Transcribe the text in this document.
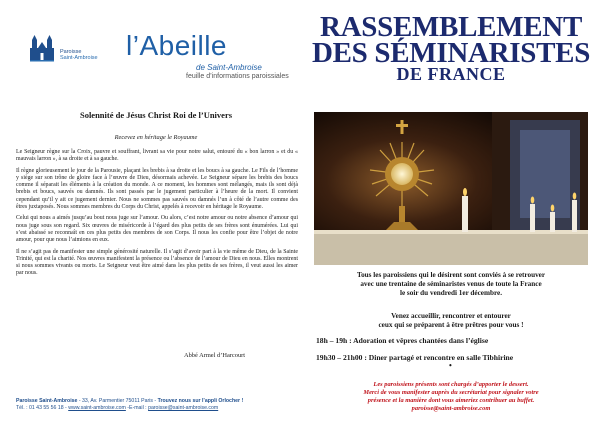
Paroisse
Saint-Ambroise l’Abeille
de Saint-Ambroise
feuille d’informations paroissiales
Solennité de Jésus Christ Roi de l’Univers
Recevez en héritage le Royaume

Le Seigneur règne sur la Croix, pauvre et souffrant, livrant sa vie pour notre salut, entouré du « bon larron » et du « mauvais larron », à sa droite et à sa gauche.

Il règne glorieusement le jour de la Parousie, plaçant les brebis à sa droite et les boucs à sa gauche. Le Fils de l’homme y siège sur son trône de gloire face à l’œuvre de Dieu, désormais achevée. Le Seigneur sépare les brebis des boucs comme il séparait les éléments à la création du monde. A ce moment, les hommes sont mélangés, mais ils sont déjà brebis et boucs, sauvés ou damnés. Ils sont passés par le jugement particulier à l’heure de la mort. Il convient cependant qu’il y ait ce jugement dernier. Nous ne sommes pas sauvés ou damnés l’un à côté de l’autre comme des êtres juxtaposés. Nous sommes membres du Corps du Christ, appelés à recevoir en héritage le Royaume.

Celui qui nous a aimés jusqu’au bout nous juge sur l’amour. Ou alors, c’est notre amour ou notre absence d’amour qui nous juge sous son regard. Six œuvres de miséricorde à l’égard des plus petits de ses frères sont énumérées. Lui qui s’est abaissé se reconnaît en ces plus petits des membres de son Corps. Il nous les confie pour être l’objet de notre amour, pour que nous l’aimions en eux.

Il ne s’agit pas de manifester une simple générosité naturelle. Il s’agit d’avoir part à la vie même de Dieu, de la Sainte Trinité, qui est la charité. Nos œuvres manifestent la présence ou l’absence de l’amour de Dieu en nous. Elles montrent si nous sommes vivants ou morts. Le Seigneur veut être aimé dans les plus petits de ses frères, il veut aussi les aimer par nous.

Abbé Armel d’Harcourt
Paroisse Saint-Ambroise - 33, Av. Parmentier 75011 Paris - Trouvez nous sur l’appli Orlocher !
Tél. : 01 43 55 56 18 - www.saint-ambroise.com -E-mail : paroisse@saint-ambroise.com
RASSEMBLEMENT
DES SÉMINARISTES
DE FRANCE
Tous les paroissiens qui le désirent sont conviés à se retrouver
avec une trentaine de séminaristes venus de toute la France
le soir du vendredi 1er décembre.
Venez accueillir, rencontrer et entourer
ceux qui se préparent à être prêtres pour vous !
18h – 19h : Adoration et vêpres chantées dans l’église
19h30 – 21h00 : Diner partagé et rencontre en salle Tibhirine
•
Les paroissiens présents sont chargés d’apporter le dessert.
Merci de vous manifester auprès du secrétariat pour signaler votre
présence et la manière dont vous aimeriez contribuer au buffet.
paroisse@saint-ambroise.com
